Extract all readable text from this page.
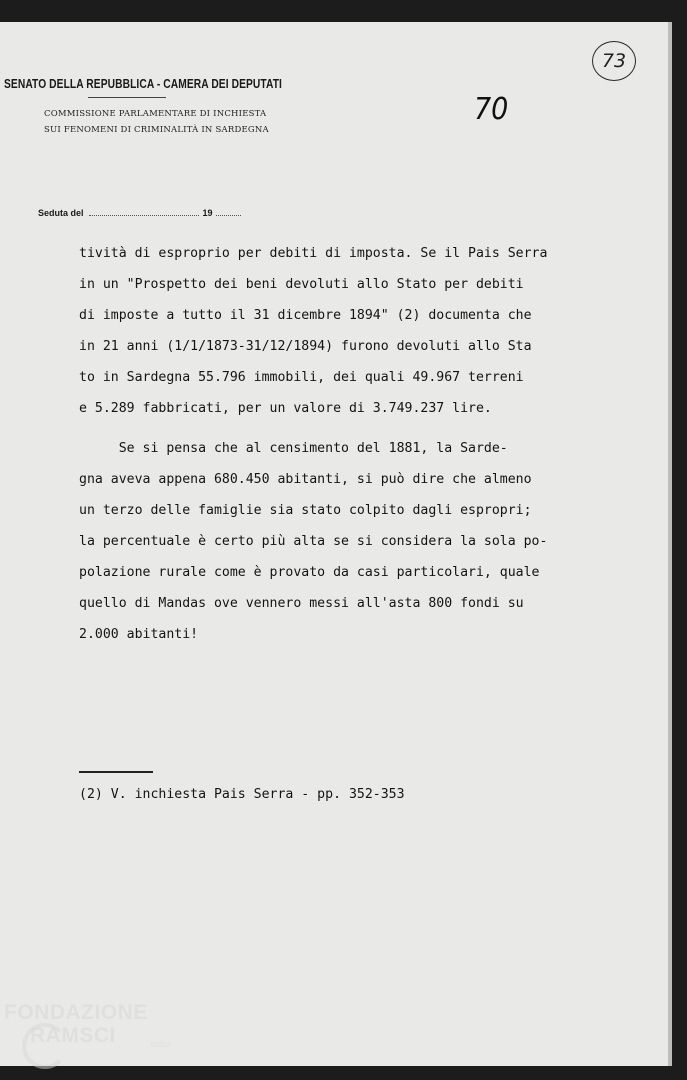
SENATO DELLA REPUBBLICA - CAMERA DEI DEPUTATI
COMMISSIONE PARLAMENTARE DI INCHIESTA
SUI FENOMENI DI CRIMINALITÀ IN SARDEGNA
70
73
Seduta del	19
tività di esproprio per debiti di imposta. Se il Pais Serra
in un "Prospetto dei beni devoluti allo Stato per debiti
di imposte a tutto il 31 dicembre 1894" (2) documenta che
in 21 anni (1/1/1873-31/12/1894) furono devoluti allo Sta
to in Sardegna 55.796 immobili, dei quali 49.967 terreni
e 5.289 fabbricati, per un valore di 3.749.237 lire.
Se si pensa che al censimento del 1881, la Sarde-
gna aveva appena 680.450 abitanti, si può dire che almeno
un terzo delle famiglie sia stato colpito dagli espropri;
la percentuale è certo più alta se si considera la sola po-
polazione rurale come è provato da casi particolari, quale
quello di Mandas ove vennero messi all'asta 800 fondi su
2.000 abitanti!
(2) V. inchiesta Pais Serra - pp. 352-353
FONDAZIONE
RAMSCI	onlus
